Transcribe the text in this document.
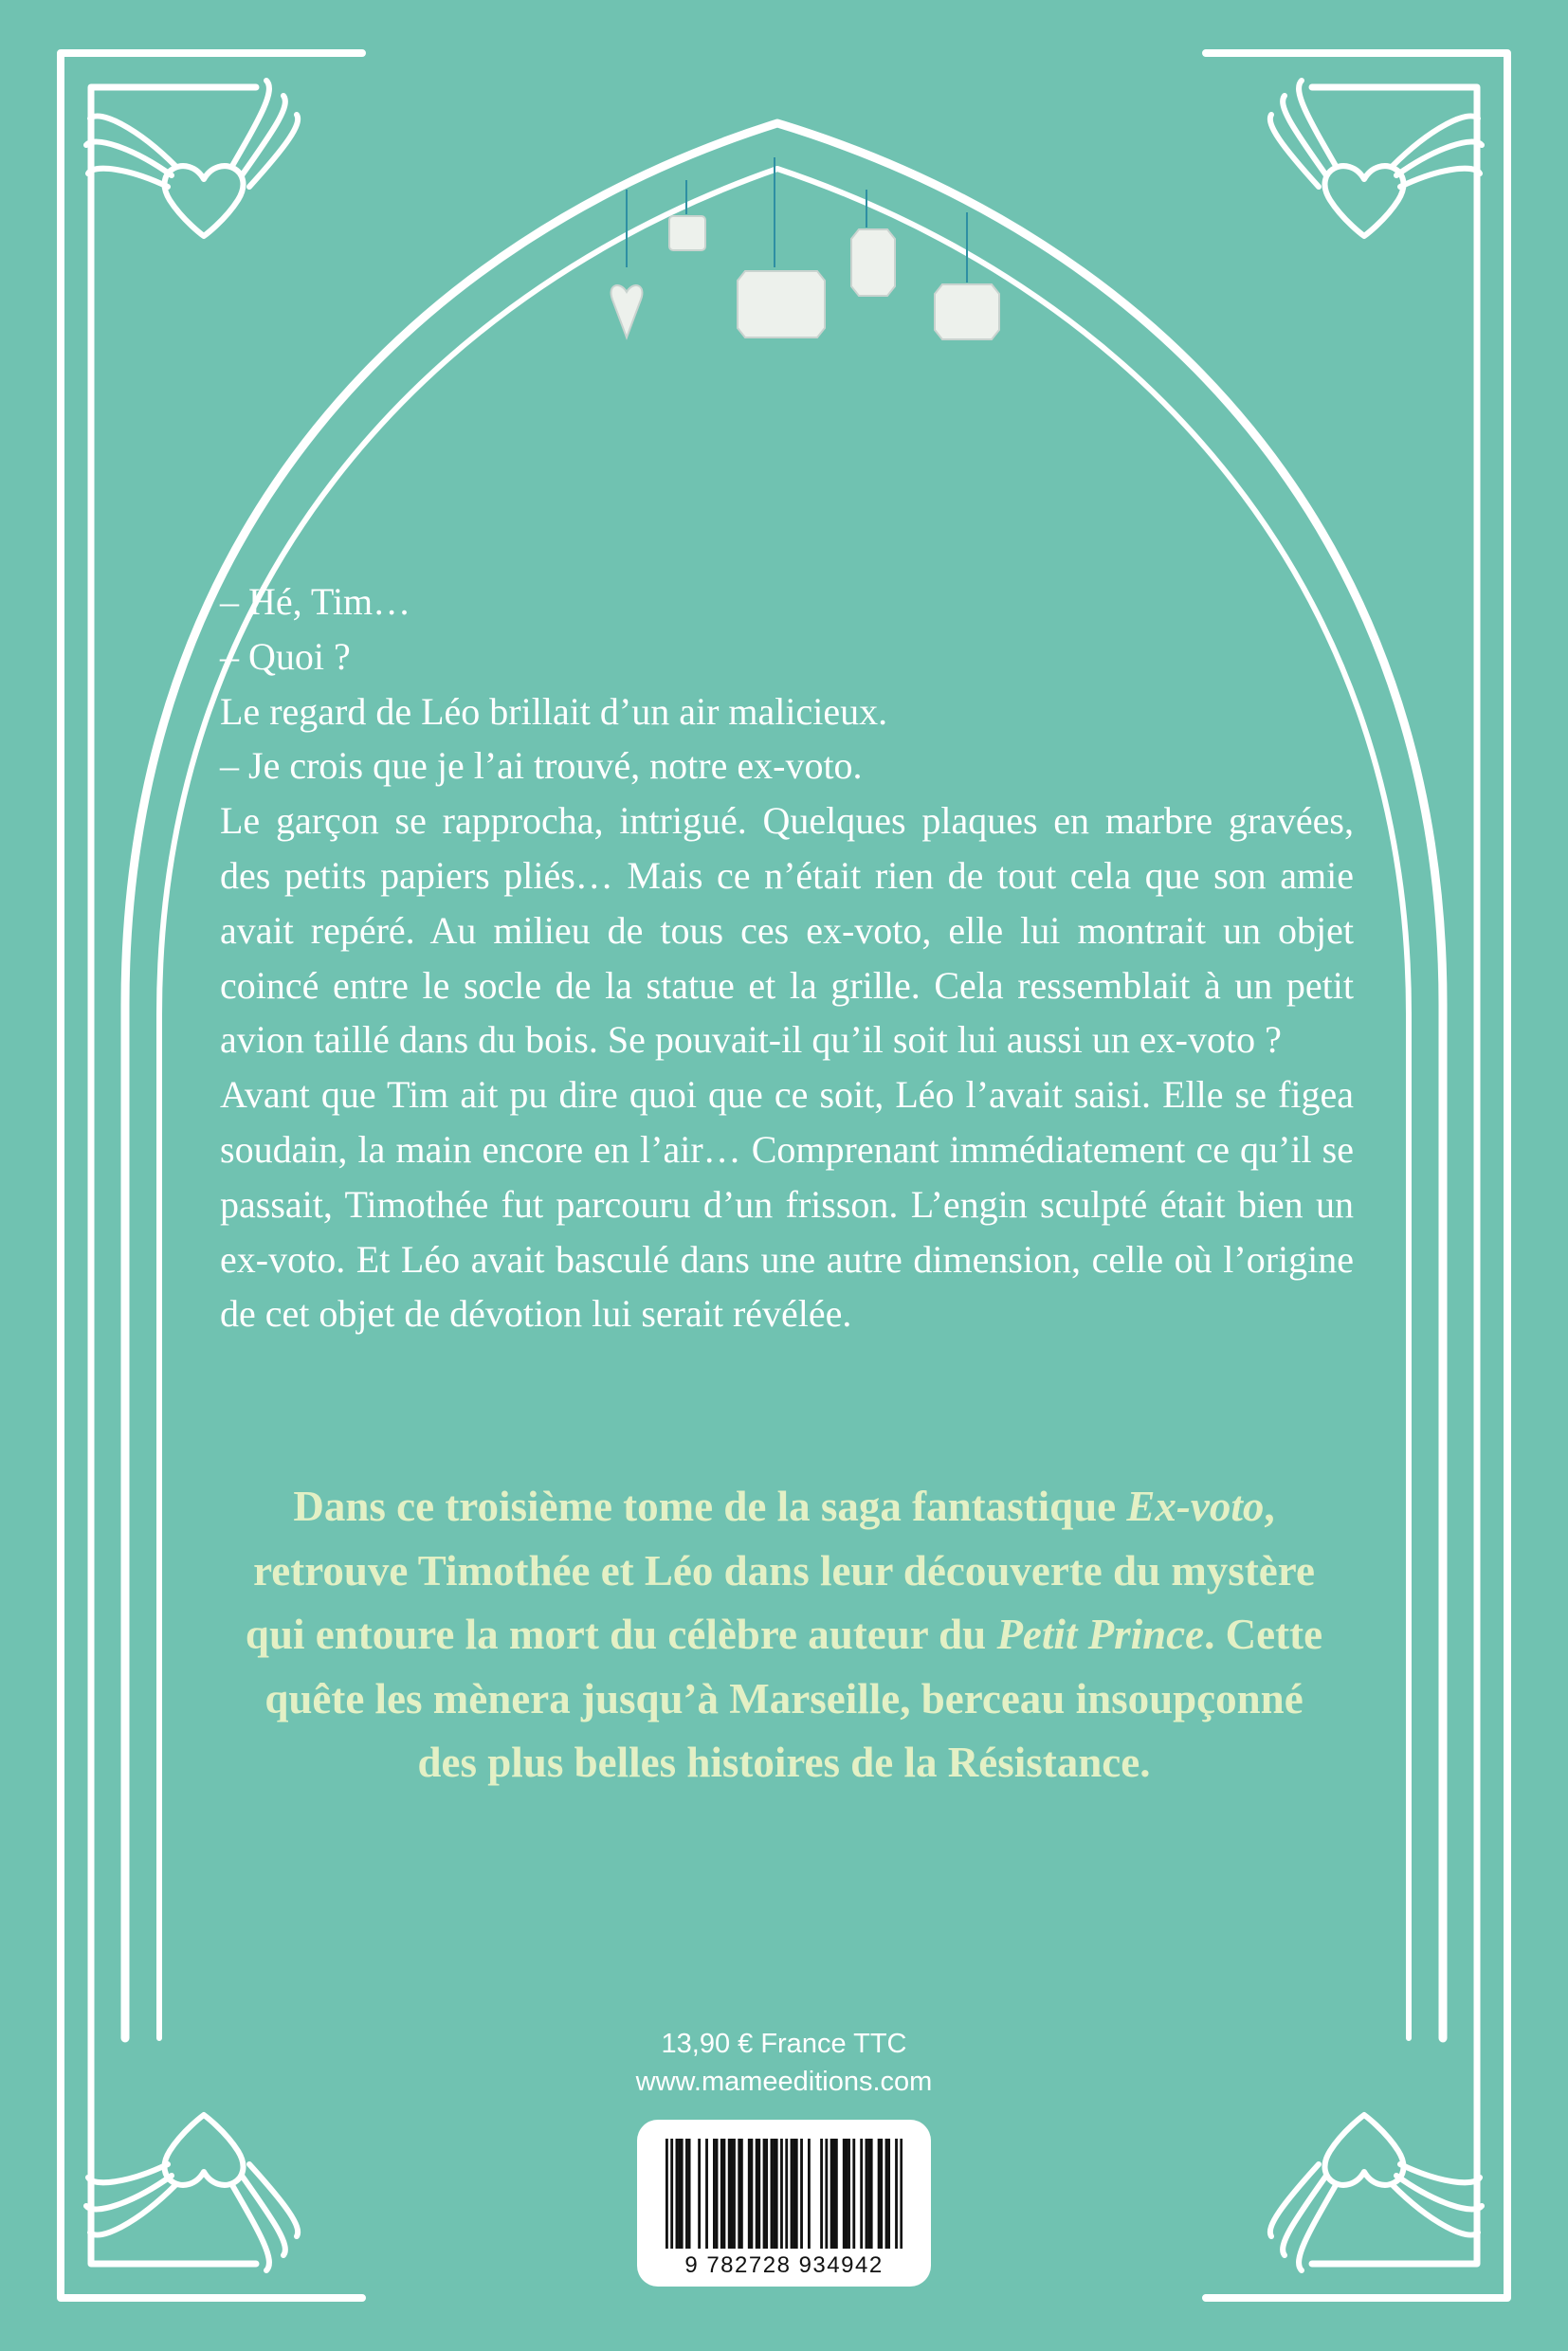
– Hé, Tim…

– Quoi ?

Le regard de Léo brillait d’un air malicieux.

– Je crois que je l’ai trouvé, notre ex-voto.

Le garçon se rapprocha, intrigué. Quelques plaques en marbre gravées, des petits papiers pliés… Mais ce n’était rien de tout cela que son amie avait repéré. Au milieu de tous ces ex-voto, elle lui montrait un objet coincé entre le socle de la statue et la grille. Cela ressemblait à un petit avion taillé dans du bois. Se pouvait-il qu’il soit lui aussi un ex-voto ?

Avant que Tim ait pu dire quoi que ce soit, Léo l’avait saisi. Elle se figea soudain, la main encore en l’air… Comprenant immédiatement ce qu’il se passait, Timothée fut parcouru d’un frisson. L’engin sculpté était bien un ex-voto. Et Léo avait basculé dans une autre dimension, celle où l’origine de cet objet de dévotion lui serait révélée.

Dans ce troisième tome de la saga fantastique Ex-voto, retrouve Timothée et Léo dans leur découverte du mystère qui entoure la mort du célèbre auteur du Petit Prince. Cette quête les mènera jusqu’à Marseille, berceau insoupçonné des plus belles histoires de la Résistance.
13,90 € France TTC
www.mameeditions.com
9 782728 934942
